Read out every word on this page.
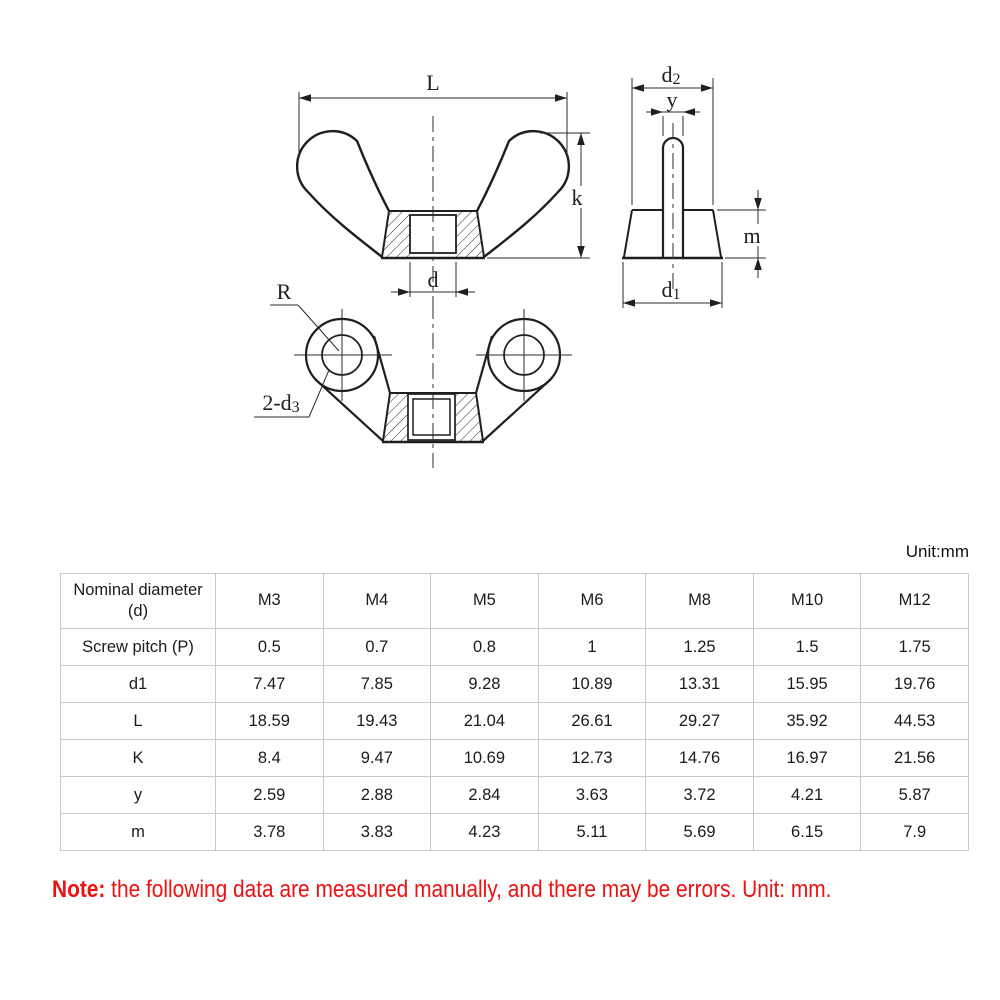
L
k
d
d2
y
m
d1
R
2-d3
Unit:mm
Nominal diameter
(d)	M3	M4	M5	M6	M8	M10	M12
Screw pitch (P)	0.5	0.7	0.8	1	1.25	1.5	1.75
d1	7.47	7.85	9.28	10.89	13.31	15.95	19.76
L	18.59	19.43	21.04	26.61	29.27	35.92	44.53
K	8.4	9.47	10.69	12.73	14.76	16.97	21.56
y	2.59	2.88	2.84	3.63	3.72	4.21	5.87
m	3.78	3.83	4.23	5.11	5.69	6.15	7.9
Note: the following data are measured manually, and there may be errors. Unit: mm.
